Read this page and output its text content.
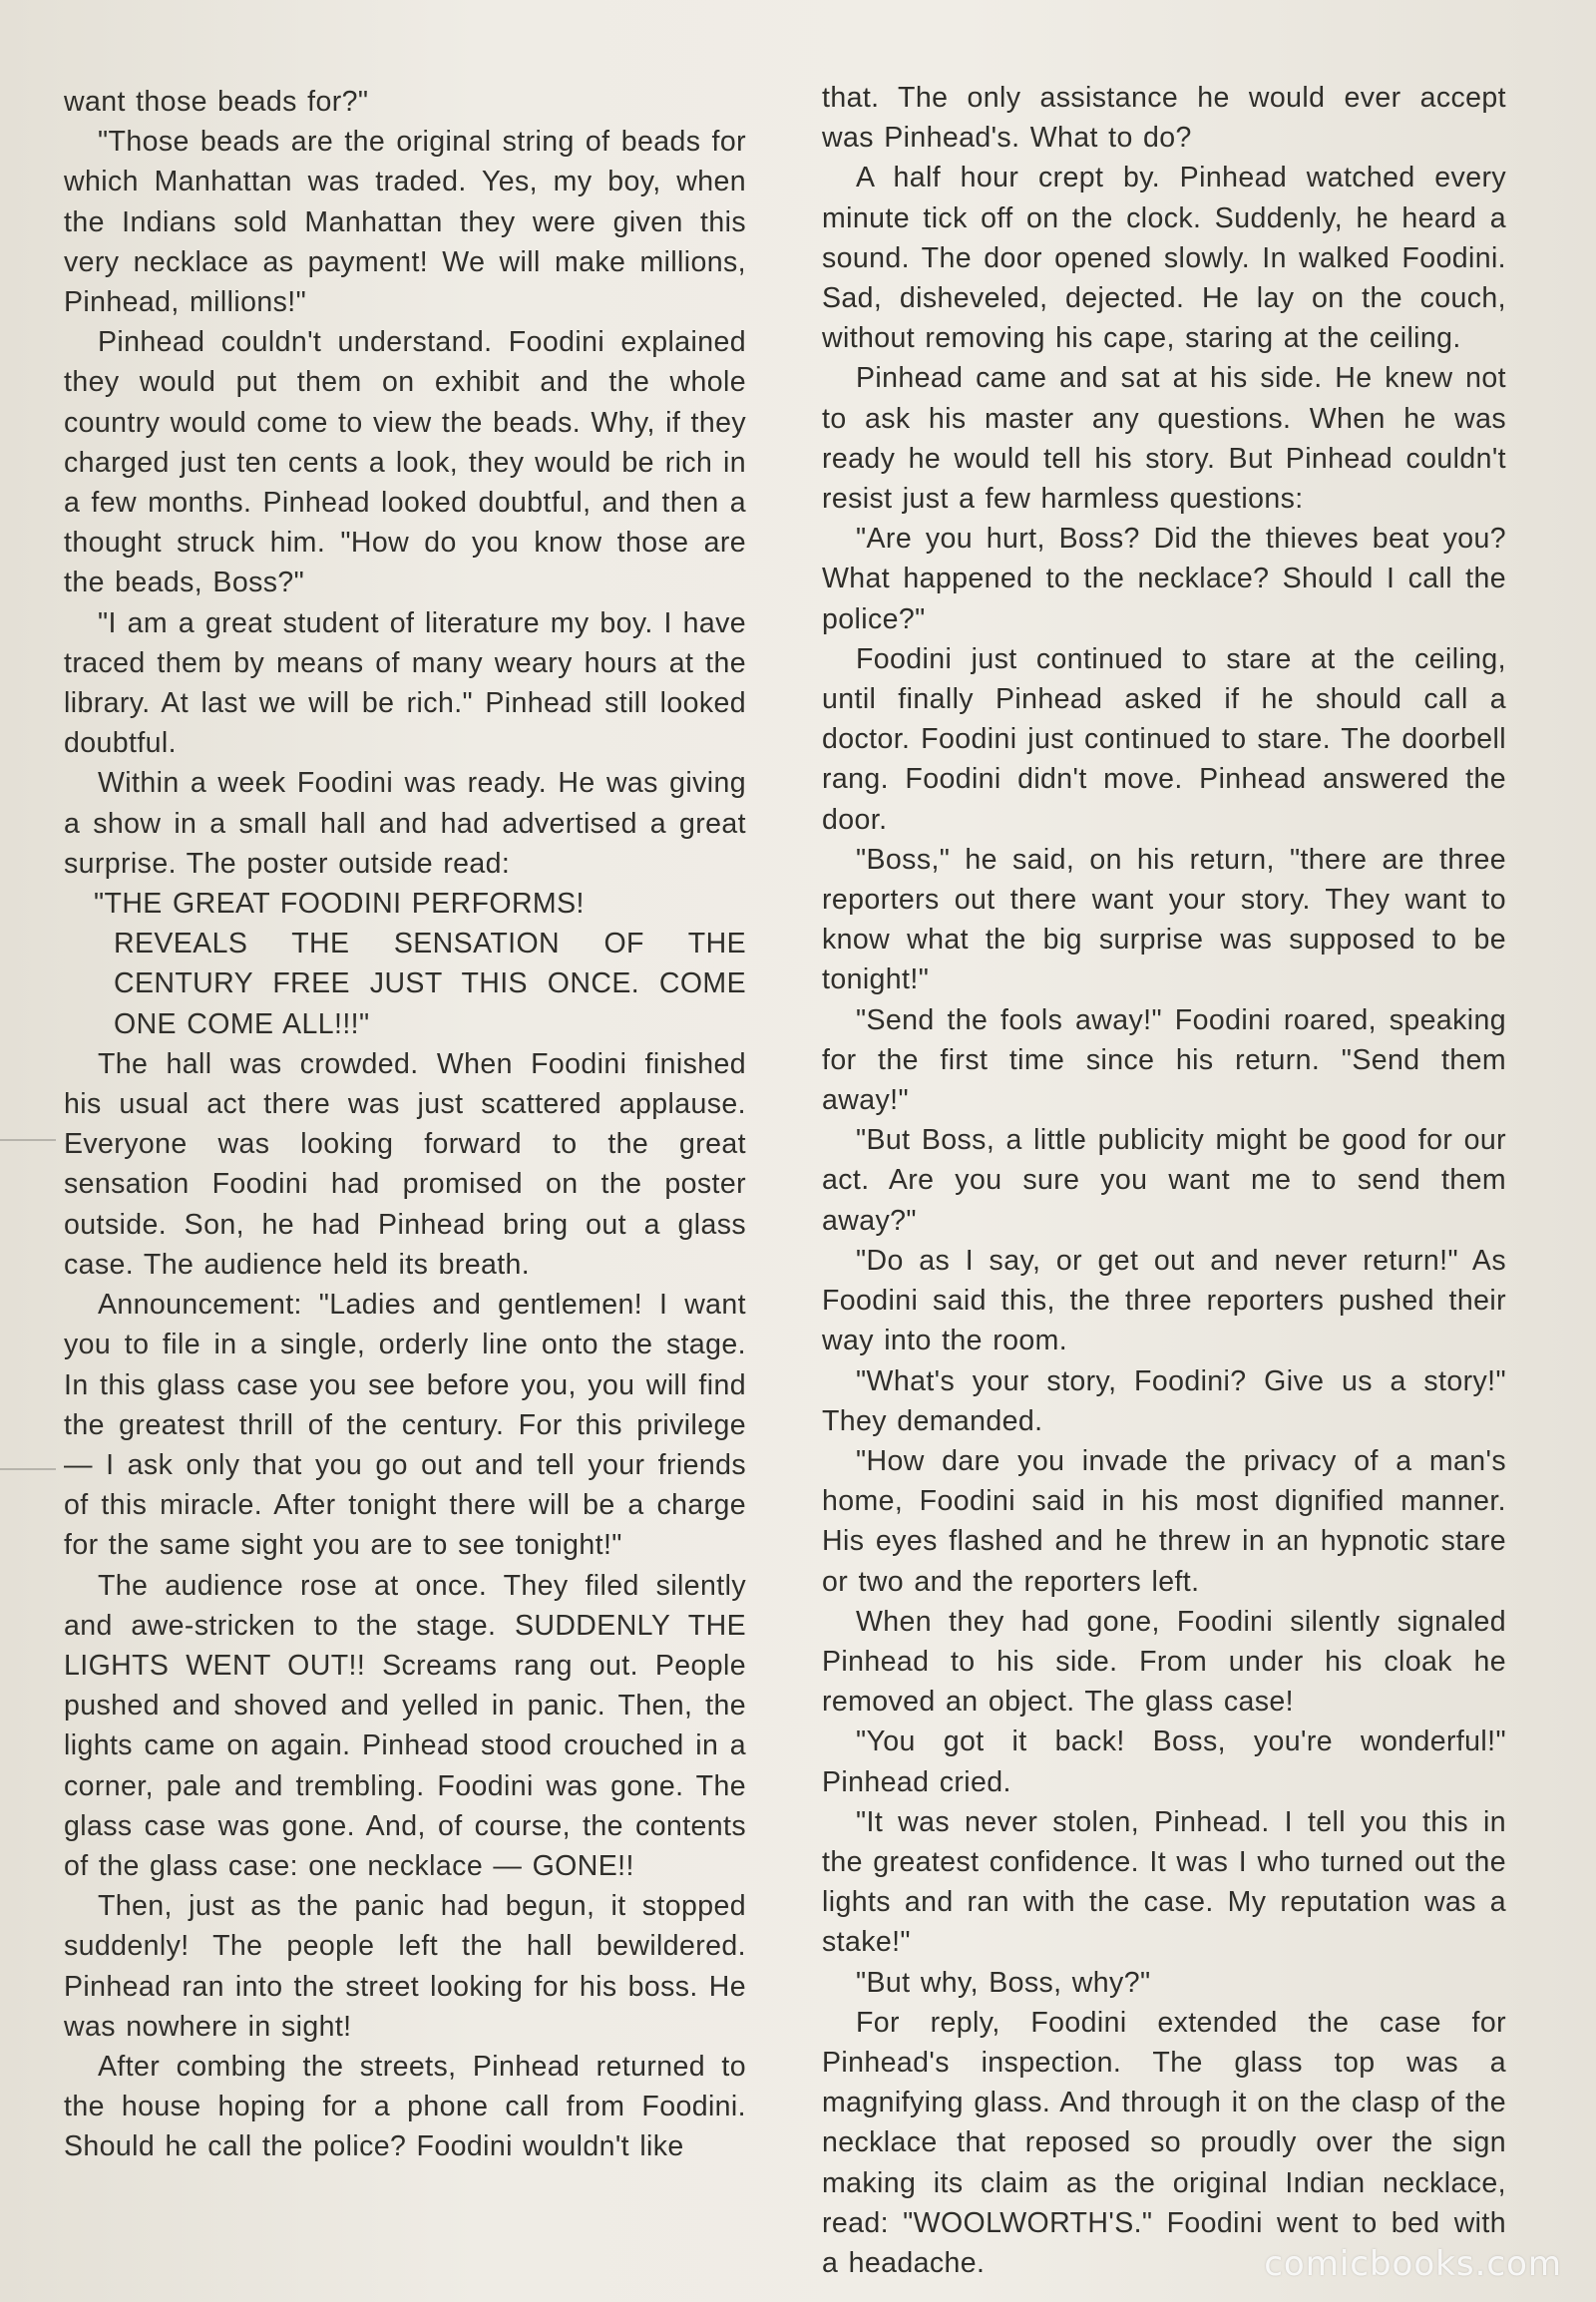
want those beads for?"

"Those beads are the original string of beads for which Manhattan was traded. Yes, my boy, when the Indians sold Manhattan they were given this very necklace as payment! We will make millions, Pinhead, millions!"

Pinhead couldn't understand. Foodini explained they would put them on exhibit and the whole country would come to view the beads. Why, if they charged just ten cents a look, they would be rich in a few months. Pinhead looked doubtful, and then a thought struck him. "How do you know those are the beads, Boss?"

"I am a great student of literature my boy. I have traced them by means of many weary hours at the library. At last we will be rich." Pinhead still looked doubtful.

Within a week Foodini was ready. He was giving a show in a small hall and had advertised a great surprise. The poster outside read:

"THE GREAT FOODINI PERFORMS!
REVEALS THE SENSATION OF THE CENTURY FREE JUST THIS ONCE. COME ONE COME ALL!!!"

The hall was crowded. When Foodini finished his usual act there was just scattered applause. Everyone was looking forward to the great sensation Foodini had promised on the poster outside. Son, he had Pinhead bring out a glass case. The audience held its breath.

Announcement: "Ladies and gentlemen! I want you to file in a single, orderly line onto the stage. In this glass case you see before you, you will find the greatest thrill of the century. For this privilege — I ask only that you go out and tell your friends of this miracle. After tonight there will be a charge for the same sight you are to see tonight!"

The audience rose at once. They filed silently and awe-stricken to the stage. SUDDENLY THE LIGHTS WENT OUT!! Screams rang out. People pushed and shoved and yelled in panic. Then, the lights came on again. Pinhead stood crouched in a corner, pale and trembling. Foodini was gone. The glass case was gone. And, of course, the contents of the glass case: one necklace — GONE!!

Then, just as the panic had begun, it stopped suddenly! The people left the hall bewildered. Pinhead ran into the street looking for his boss. He was nowhere in sight!

After combing the streets, Pinhead returned to the house hoping for a phone call from Foodini. Should he call the police? Foodini wouldn't like

that. The only assistance he would ever accept was Pinhead's. What to do?

A half hour crept by. Pinhead watched every minute tick off on the clock. Suddenly, he heard a sound. The door opened slowly. In walked Foodini. Sad, disheveled, dejected. He lay on the couch, without removing his cape, staring at the ceiling.

Pinhead came and sat at his side. He knew not to ask his master any questions. When he was ready he would tell his story. But Pinhead couldn't resist just a few harmless questions:

"Are you hurt, Boss? Did the thieves beat you? What happened to the necklace? Should I call the police?"

Foodini just continued to stare at the ceiling, until finally Pinhead asked if he should call a doctor. Foodini just continued to stare. The doorbell rang. Foodini didn't move. Pinhead answered the door.

"Boss," he said, on his return, "there are three reporters out there want your story. They want to know what the big surprise was supposed to be tonight!"

"Send the fools away!" Foodini roared, speaking for the first time since his return. "Send them away!"

"But Boss, a little publicity might be good for our act. Are you sure you want me to send them away?"

"Do as I say, or get out and never return!" As Foodini said this, the three reporters pushed their way into the room.

"What's your story, Foodini? Give us a story!" They demanded.

"How dare you invade the privacy of a man's home, Foodini said in his most dignified manner. His eyes flashed and he threw in an hypnotic stare or two and the reporters left.

When they had gone, Foodini silently signaled Pinhead to his side. From under his cloak he removed an object. The glass case!

"You got it back! Boss, you're wonderful!" Pinhead cried.

"It was never stolen, Pinhead. I tell you this in the greatest confidence. It was I who turned out the lights and ran with the case. My reputation was a stake!"

"But why, Boss, why?"

For reply, Foodini extended the case for Pinhead's inspection. The glass top was a magnifying glass. And through it on the clasp of the necklace that reposed so proudly over the sign making its claim as the original Indian necklace, read: "WOOLWORTH'S." Foodini went to bed with a headache.	comicbooks.com
